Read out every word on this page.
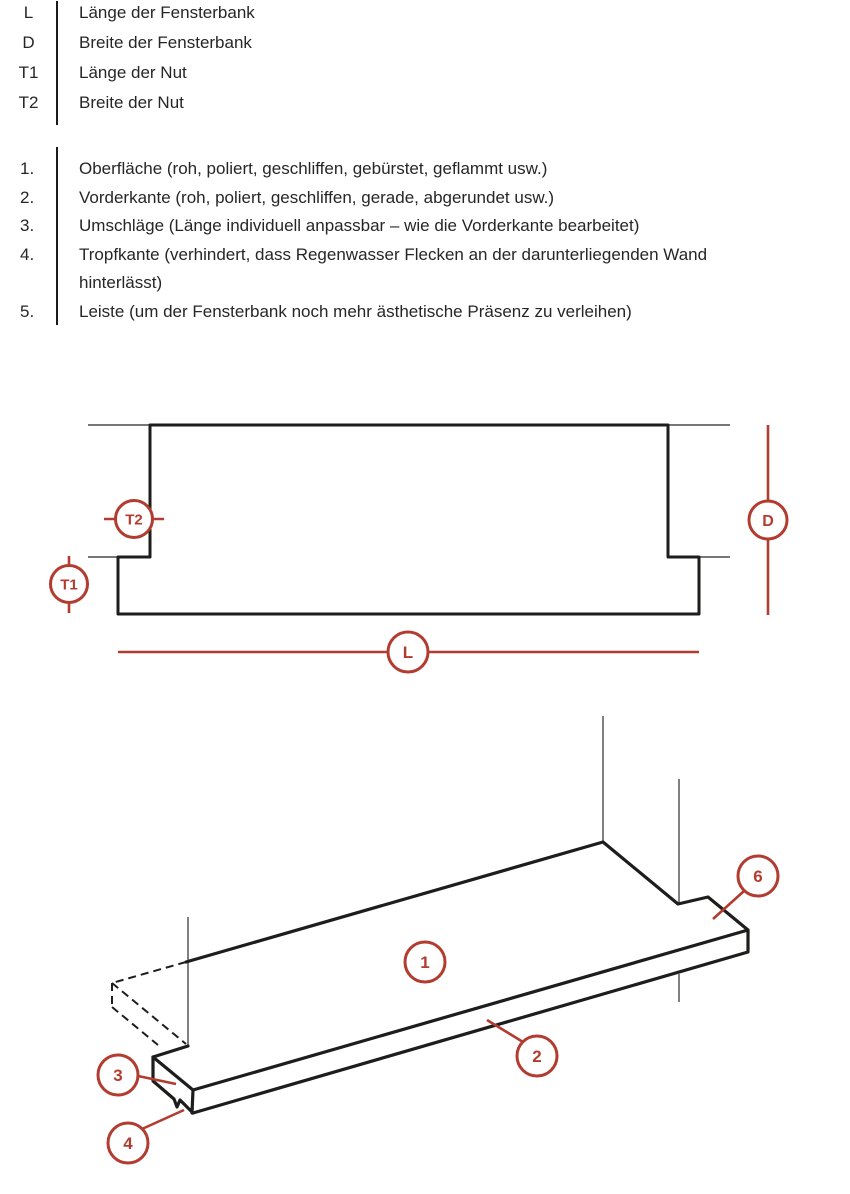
L	Länge der Fensterbank
D	Breite der Fensterbank
T1	Länge der Nut
T2	Breite der Nut
1.	Oberfläche (roh, poliert, geschliffen, gebürstet, geflammt usw.)
2.	Vorderkante (roh, poliert, geschliffen, gerade, abgerundet usw.)
3.	Umschläge (Länge individuell anpassbar – wie die Vorderkante bearbeitet)
4.	Tropfkante (verhindert, dass Regenwasser Flecken an der darunterliegenden Wand
hinterlässt)
5.	Leiste (um der Fensterbank noch mehr ästhetische Präsenz zu verleihen)
T2
T1
D
L
1
2
3
4
6
